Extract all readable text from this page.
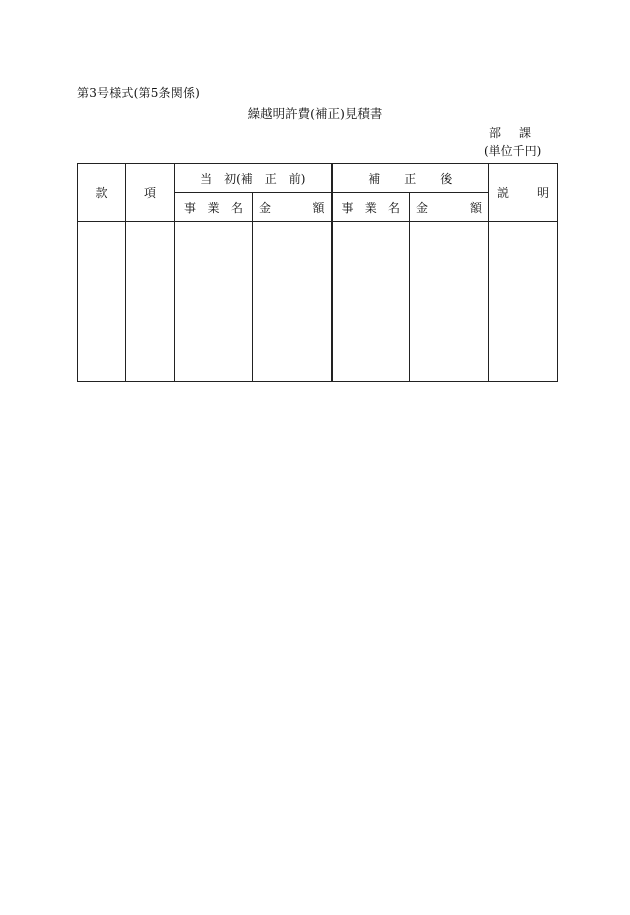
第3号様式(第5条関係)
繰越明許費(補正)見積書
部 課
(単位千円)
款	項	当　初(補　正　前)		補　　正　　後		説　　明

		事 業 名	金 額	事 業 名	金 額	
